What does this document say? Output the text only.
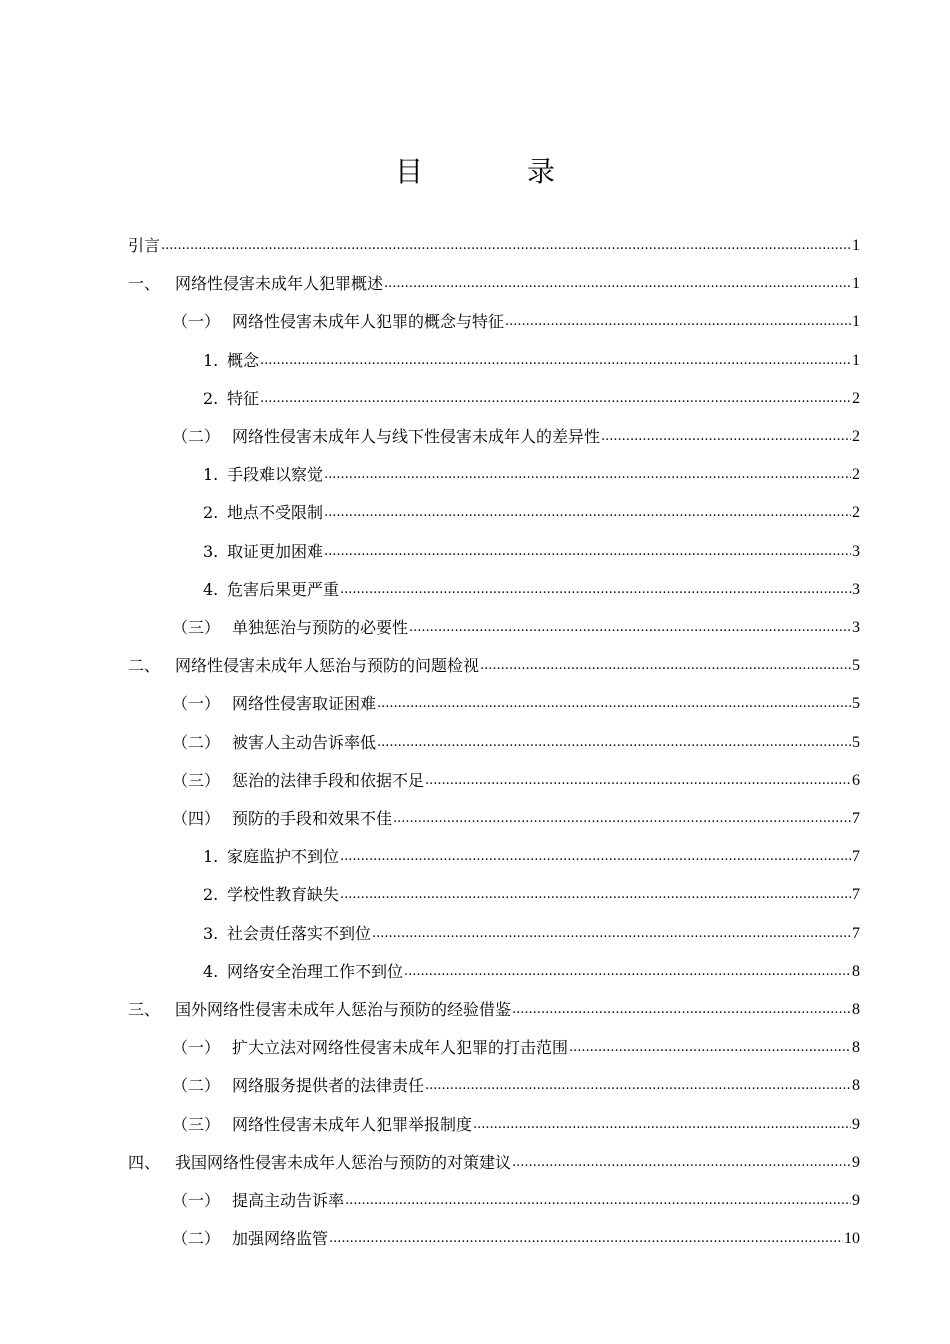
目　录
引言 .....	1
一、 网络性侵害未成年人犯罪概述 .....	1
（一） 网络性侵害未成年人犯罪的概念与特征 .....	1
1. 概念 .....	1
2. 特征 .....	2
（二） 网络性侵害未成年人与线下性侵害未成年人的差异性 .....	2
1. 手段难以察觉 .....	2
2. 地点不受限制 .....	2
3. 取证更加困难 .....	3
4. 危害后果更严重 .....	3
（三） 单独惩治与预防的必要性 .....	3
二、 网络性侵害未成年人惩治与预防的问题检视 .....	5
（一） 网络性侵害取证困难 .....	5
（二） 被害人主动告诉率低 .....	5
（三） 惩治的法律手段和依据不足 .....	6
（四） 预防的手段和效果不佳 .....	7
1. 家庭监护不到位 .....	7
2. 学校性教育缺失 .....	7
3. 社会责任落实不到位 .....	7
4. 网络安全治理工作不到位 .....	8
三、 国外网络性侵害未成年人惩治与预防的经验借鉴 .....	8
（一） 扩大立法对网络性侵害未成年人犯罪的打击范围 .....	8
（二） 网络服务提供者的法律责任 .....	8
（三） 网络性侵害未成年人犯罪举报制度 .....	9
四、 我国网络性侵害未成年人惩治与预防的对策建议 .....	9
（一） 提高主动告诉率 .....	9
（二） 加强网络监管 .....	10
